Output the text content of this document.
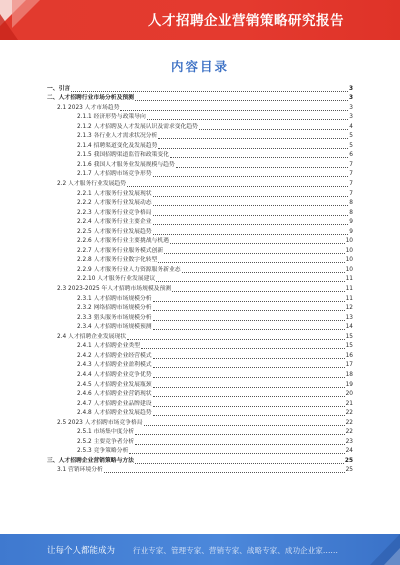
人才招聘企业营销策略研究报告
内容目录
一、引言	3
二、人才招聘行业市场分析及预测	3
2.1 2023 人才市场趋势	3
2.1.1 经济形势与政策导向	3
2.1.2 人才招聘及人才发展认识及需求变化趋势	4
2.1.3 各行业人才需求状况分析	5
2.1.4 招聘渠道变化及发展趋势	5
2.1.5 我国招聘渠道监管和政策变化	6
2.1.6 我国人才服务业发展规模与趋势	7
2.1.7 人才招聘市场竞争形势	7
2.2 人才服务行业发展趋势	7
2.2.1 人才服务行业发展现状	7
2.2.2 人才服务行业发展动态	8
2.2.3 人才服务行业竞争格局	8
2.2.4 人才服务行业主要企业	9
2.2.5 人才服务行业发展趋势	9
2.2.6 人才服务行业主要挑战与机遇	10
2.2.7 人才服务行业服务模式创新	10
2.2.8 人才服务行业数字化转型	10
2.2.9 人才服务行业人力资源服务新业态	10
2.2.10 人才服务行业发展建议	11
2.3 2023-2025 年人才招聘市场规模及预测	11
2.3.1 人才招聘市场规模分析	11
2.3.2 网络招聘市场规模分析	12
2.3.3 猎头服务市场规模分析	13
2.3.4 人才招聘市场规模预测	14
2.4 人才招聘企业发展现状	15
2.4.1 人才招聘企业类型	15
2.4.2 人才招聘企业经营模式	16
2.4.3 人才招聘企业盈利模式	17
2.4.4 人才招聘企业竞争优势	18
2.4.5 人才招聘企业发展瓶颈	19
2.4.6 人才招聘企业营销现状	20
2.4.7 人才招聘企业品牌建设	21
2.4.8 人才招聘企业发展趋势	22
2.5 2023 人才招聘市场竞争格局	22
2.5.1 市场集中度分析	22
2.5.2 主要竞争者分析	23
2.5.3 竞争策略分析	24
三、人才招聘企业营销策略与方法	25
3.1 营销环境分析	25
让每个人都能成为 行业专家、管理专家、营销专家、战略专家、成功企业家……
